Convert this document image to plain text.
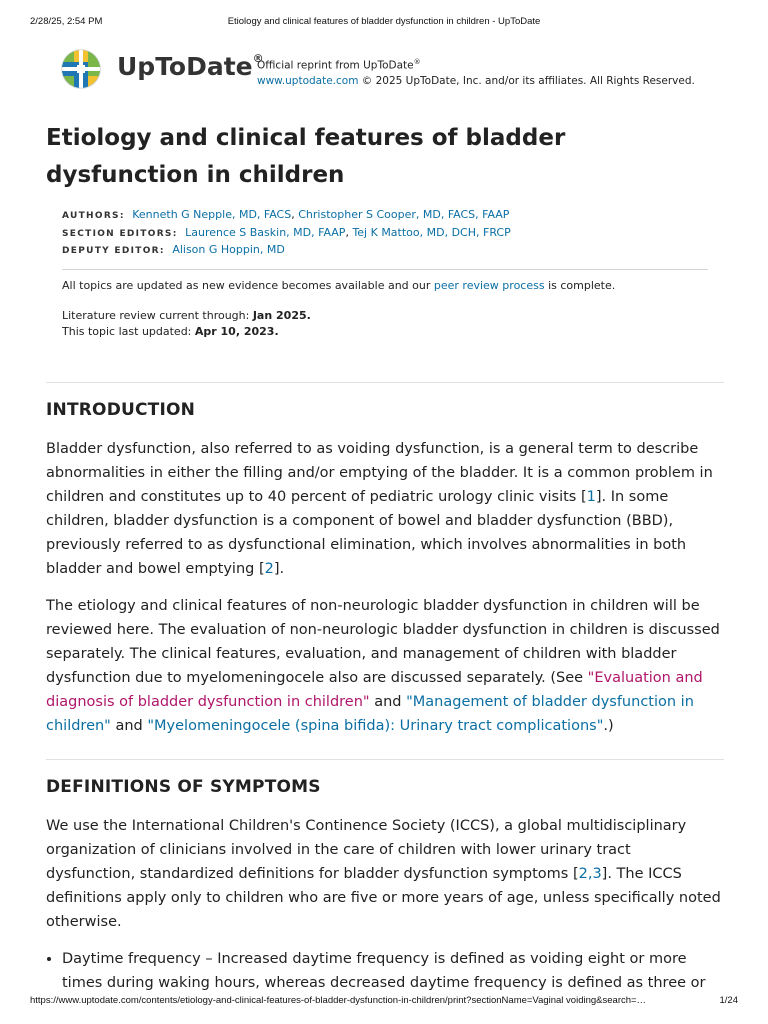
2/28/25, 2:54 PM	Etiology and clinical features of bladder dysfunction in children - UpToDate
UpToDate®
Official reprint from UpToDate®
www.uptodate.com © 2025 UpToDate, Inc. and/or its affiliates. All Rights Reserved.
Etiology and clinical features of bladder dysfunction in children
AUTHORS: Kenneth G Nepple, MD, FACS, Christopher S Cooper, MD, FACS, FAAP
SECTION EDITORS: Laurence S Baskin, MD, FAAP, Tej K Mattoo, MD, DCH, FRCP
DEPUTY EDITOR: Alison G Hoppin, MD

All topics are updated as new evidence becomes available and our peer review process is complete.

Literature review current through: Jan 2025.

This topic last updated: Apr 10, 2023.

INTRODUCTION

Bladder dysfunction, also referred to as voiding dysfunction, is a general term to describe abnormalities in either the filling and/or emptying of the bladder. It is a common problem in children and constitutes up to 40 percent of pediatric urology clinic visits [1]. In some children, bladder dysfunction is a component of bowel and bladder dysfunction (BBD), previously referred to as dysfunctional elimination, which involves abnormalities in both bladder and bowel emptying [2].

The etiology and clinical features of non-neurologic bladder dysfunction in children will be reviewed here. The evaluation of non-neurologic bladder dysfunction in children is discussed separately. The clinical features, evaluation, and management of children with bladder dysfunction due to myelomeningocele also are discussed separately. (See "Evaluation and diagnosis of bladder dysfunction in children" and "Management of bladder dysfunction in children" and "Myelomeningocele (spina bifida): Urinary tract complications".)

DEFINITIONS OF SYMPTOMS

We use the International Children's Continence Society (ICCS), a global multidisciplinary organization of clinicians involved in the care of children with lower urinary tract dysfunction, standardized definitions for bladder dysfunction symptoms [2,3]. The ICCS definitions apply only to children who are five or more years of age, unless specifically noted otherwise.

• Daytime frequency – Increased daytime frequency is defined as voiding eight or more times during waking hours, whereas decreased daytime frequency is defined as three or
https://www.uptodate.com/contents/etiology-and-clinical-features-of-bladder-dysfunction-in-children/print?sectionName=Vaginal voiding&search=…	1/24
